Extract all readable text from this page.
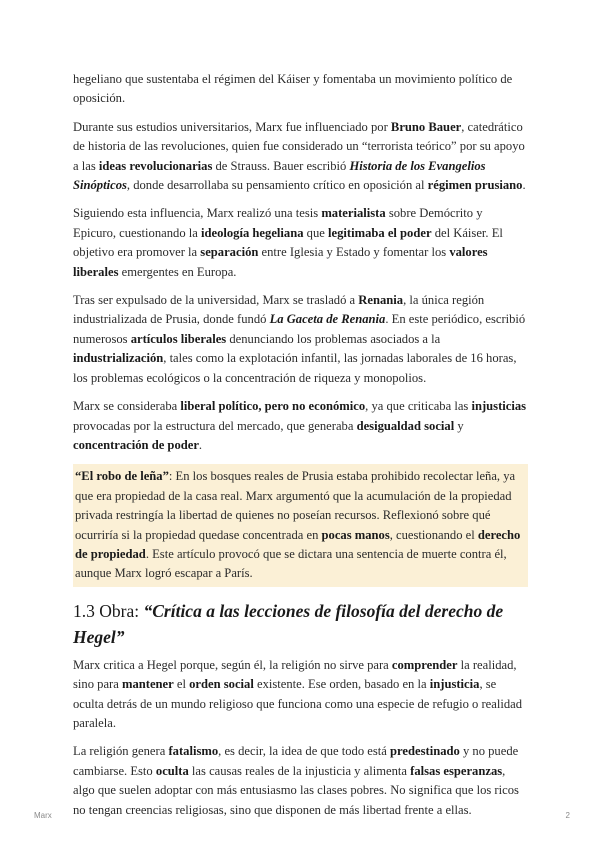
hegeliano que sustentaba el régimen del Káiser y fomentaba un movimiento político de oposición.

Durante sus estudios universitarios, Marx fue influenciado por Bruno Bauer, catedrático de historia de las revoluciones, quien fue considerado un “terrorista teórico” por su apoyo a las ideas revolucionarias de Strauss. Bauer escribió Historia de los Evangelios Sinópticos, donde desarrollaba su pensamiento crítico en oposición al régimen prusiano.

Siguiendo esta influencia, Marx realizó una tesis materialista sobre Demócrito y Epicuro, cuestionando la ideología hegeliana que legitimaba el poder del Káiser. El objetivo era promover la separación entre Iglesia y Estado y fomentar los valores liberales emergentes en Europa.

Tras ser expulsado de la universidad, Marx se trasladó a Renania, la única región industrializada de Prusia, donde fundó La Gaceta de Renania. En este periódico, escribió numerosos artículos liberales denunciando los problemas asociados a la industrialización, tales como la explotación infantil, las jornadas laborales de 16 horas, los problemas ecológicos o la concentración de riqueza y monopolios.

Marx se consideraba liberal político, pero no económico, ya que criticaba las injusticias provocadas por la estructura del mercado, que generaba desigualdad social y concentración de poder.

“El robo de leña”: En los bosques reales de Prusia estaba prohibido recolectar leña, ya que era propiedad de la casa real. Marx argumentó que la acumulación de la propiedad privada restringía la libertad de quienes no poseían recursos. Reflexionó sobre qué ocurriría si la propiedad quedase concentrada en pocas manos, cuestionando el derecho de propiedad. Este artículo provocó que se dictara una sentencia de muerte contra él, aunque Marx logró escapar a París.

1.3 Obra: “Crítica a las lecciones de filosofía del derecho de Hegel”

Marx critica a Hegel porque, según él, la religión no sirve para comprender la realidad, sino para mantener el orden social existente. Ese orden, basado en la injusticia, se oculta detrás de un mundo religioso que funciona como una especie de refugio o realidad paralela.

La religión genera fatalismo, es decir, la idea de que todo está predestinado y no puede cambiarse. Esto oculta las causas reales de la injusticia y alimenta falsas esperanzas, algo que suelen adoptar con más entusiasmo las clases pobres. No significa que los ricos no tengan creencias religiosas, sino que disponen de más libertad frente a ellas.

Marx	2
